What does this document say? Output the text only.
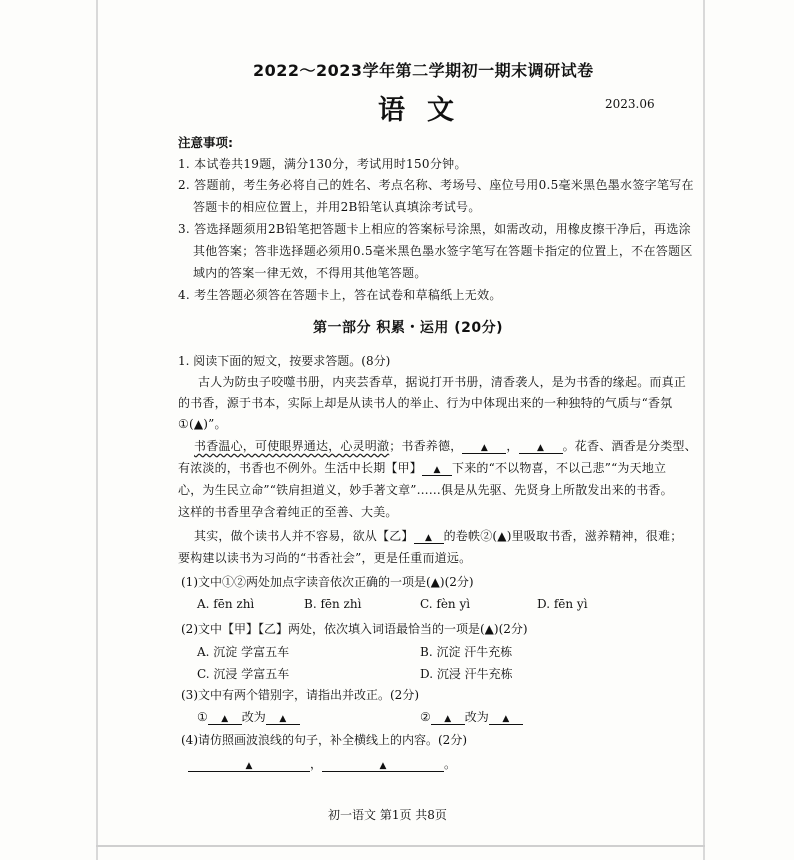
2022～2023学年第二学期初一期末调研试卷
语文	2023.06
注意事项:
1. 本试卷共19题，满分130分，考试用时150分钟。
2. 答题前，考生务必将自己的姓名、考点名称、考场号、座位号用0.5毫米黑色墨水签字笔写在
答题卡的相应位置上，并用2B铅笔认真填涂考试号。
3. 答选择题须用2B铅笔把答题卡上相应的答案标号涂黑，如需改动，用橡皮擦干净后，再选涂
其他答案；答非选择题必须用0.5毫米黑色墨水签字笔写在答题卡指定的位置上，不在答题区
域内的答案一律无效，不得用其他笔答题。
4. 考生答题必须答在答题卡上，答在试卷和草稿纸上无效。
第一部分 积累・运用 (20分)
1. 阅读下面的短文，按要求答题。(8分)
古人为防虫子咬噬书册，内夹芸香草，据说打开书册，清香袭人，是为书香的缘起。而真正
的书香，源于书本，实际上却是从读书人的举止、行为中体现出来的一种独特的气质与“香氛
①(▲)”。
书香温心，可使眼界通达，心灵明澈；书香养德， ▲ ， ▲ 。花香、酒香是分类型、
有浓淡的，书香也不例外。生活中长期【甲】 ▲ 下来的“不以物喜，不以己悲”“为天地立
心，为生民立命”“铁肩担道义，妙手著文章”……俱是从先驱、先贤身上所散发出来的书香。
这样的书香里孕含着纯正的至善、大美。
其实，做个读书人并不容易，欲从【乙】 ▲ 的卷帙②(▲)里吸取书香，滋养精神，很难；
要构建以读书为习尚的“书香社会”，更是任重而道远。
(1)文中①②两处加点字读音依次正确的一项是(▲)(2分)
A. fēn zhì	B. fēn zhì	C. fèn yì	D. fēn yì
(2)文中【甲】【乙】两处，依次填入词语最恰当的一项是(▲)(2分)
A. 沉淀 学富五车	B. 沉淀 汗牛充栋
C. 沉浸 学富五车	D. 沉浸 汗牛充栋
(3)文中有两个错别字，请指出并改正。(2分)
① ▲ 改为 ▲	② ▲ 改为 ▲
(4)请仿照画波浪线的句子，补全横线上的内容。(2分)
▲	，	▲	。
初一语文 第1页 共8页
